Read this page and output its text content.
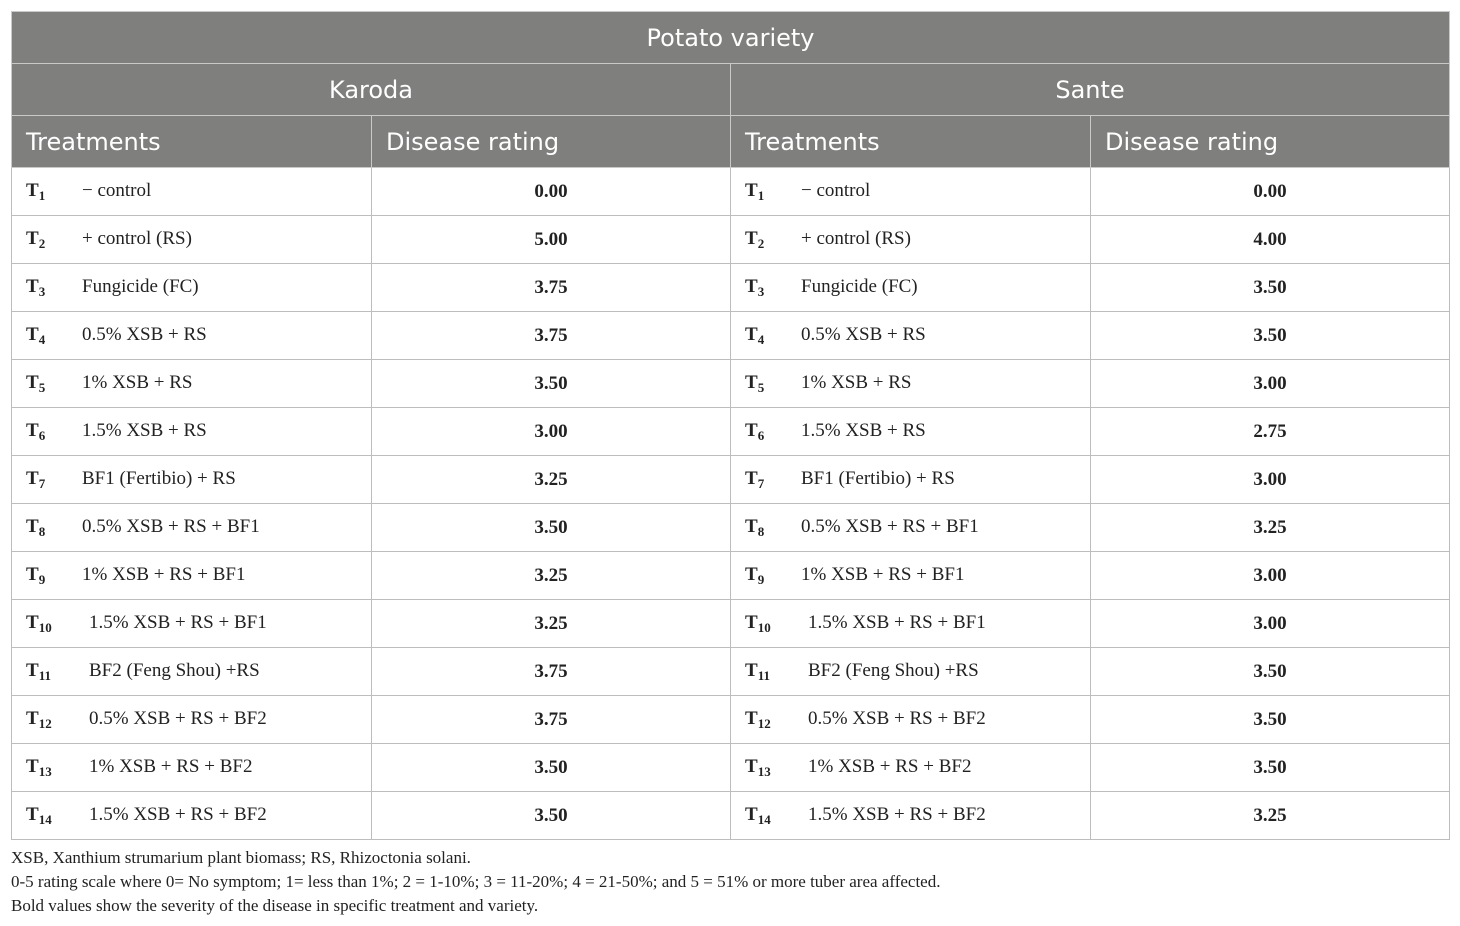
Potato variety			
Karoda		Sante	
Treatments	Disease rating	Treatments	Disease rating
$T_1$ − control	0.00	$T_1$ − control	0.00
$T_2$ + control (RS)	5.00	$T_2$ + control (RS)	4.00
$T_3$ Fungicide (FC)	3.75	$T_3$ Fungicide (FC)	3.50
$T_4$ 0.5% XSB + RS	3.75	$T_4$ 0.5% XSB + RS	3.50
$T_5$ 1% XSB + RS	3.50	$T_5$ 1% XSB + RS	3.00
$T_6$ 1.5% XSB + RS	3.00	$T_6$ 1.5% XSB + RS	2.75
$T_7$ BF1 (Fertibio) + RS	3.25	$T_7$ BF1 (Fertibio) + RS	3.00
$T_8$ 0.5% XSB + RS + BF1	3.50	$T_8$ 0.5% XSB + RS + BF1	3.25
$T_9$ 1% XSB + RS + BF1	3.25	$T_9$ 1% XSB + RS + BF1	3.00
$T_{10}$ 1.5% XSB + RS + BF1	3.25	$T_{10}$ 1.5% XSB + RS + BF1	3.00
$T_{11}$ BF2 (Feng Shou) +RS	3.75	$T_{11}$ BF2 (Feng Shou) +RS	3.50
$T_{12}$ 0.5% XSB + RS + BF2	3.75	$T_{12}$ 0.5% XSB + RS + BF2	3.50
$T_{13}$ 1% XSB + RS + BF2	3.50	$T_{13}$ 1% XSB + RS + BF2	3.50
$T_{14}$ 1.5% XSB + RS + BF2	3.50	$T_{14}$ 1.5% XSB + RS + BF2	3.25

XSB, Xanthium strumarium plant biomass; RS, Rhizoctonia solani.

0-5 rating scale where 0= No symptom; 1= less than 1%; 2 = 1-10%; 3 = 11-20%; 4 = 21-50%; and 5 = 51% or more tuber area affected.

Bold values show the severity of the disease in specific treatment and variety.
